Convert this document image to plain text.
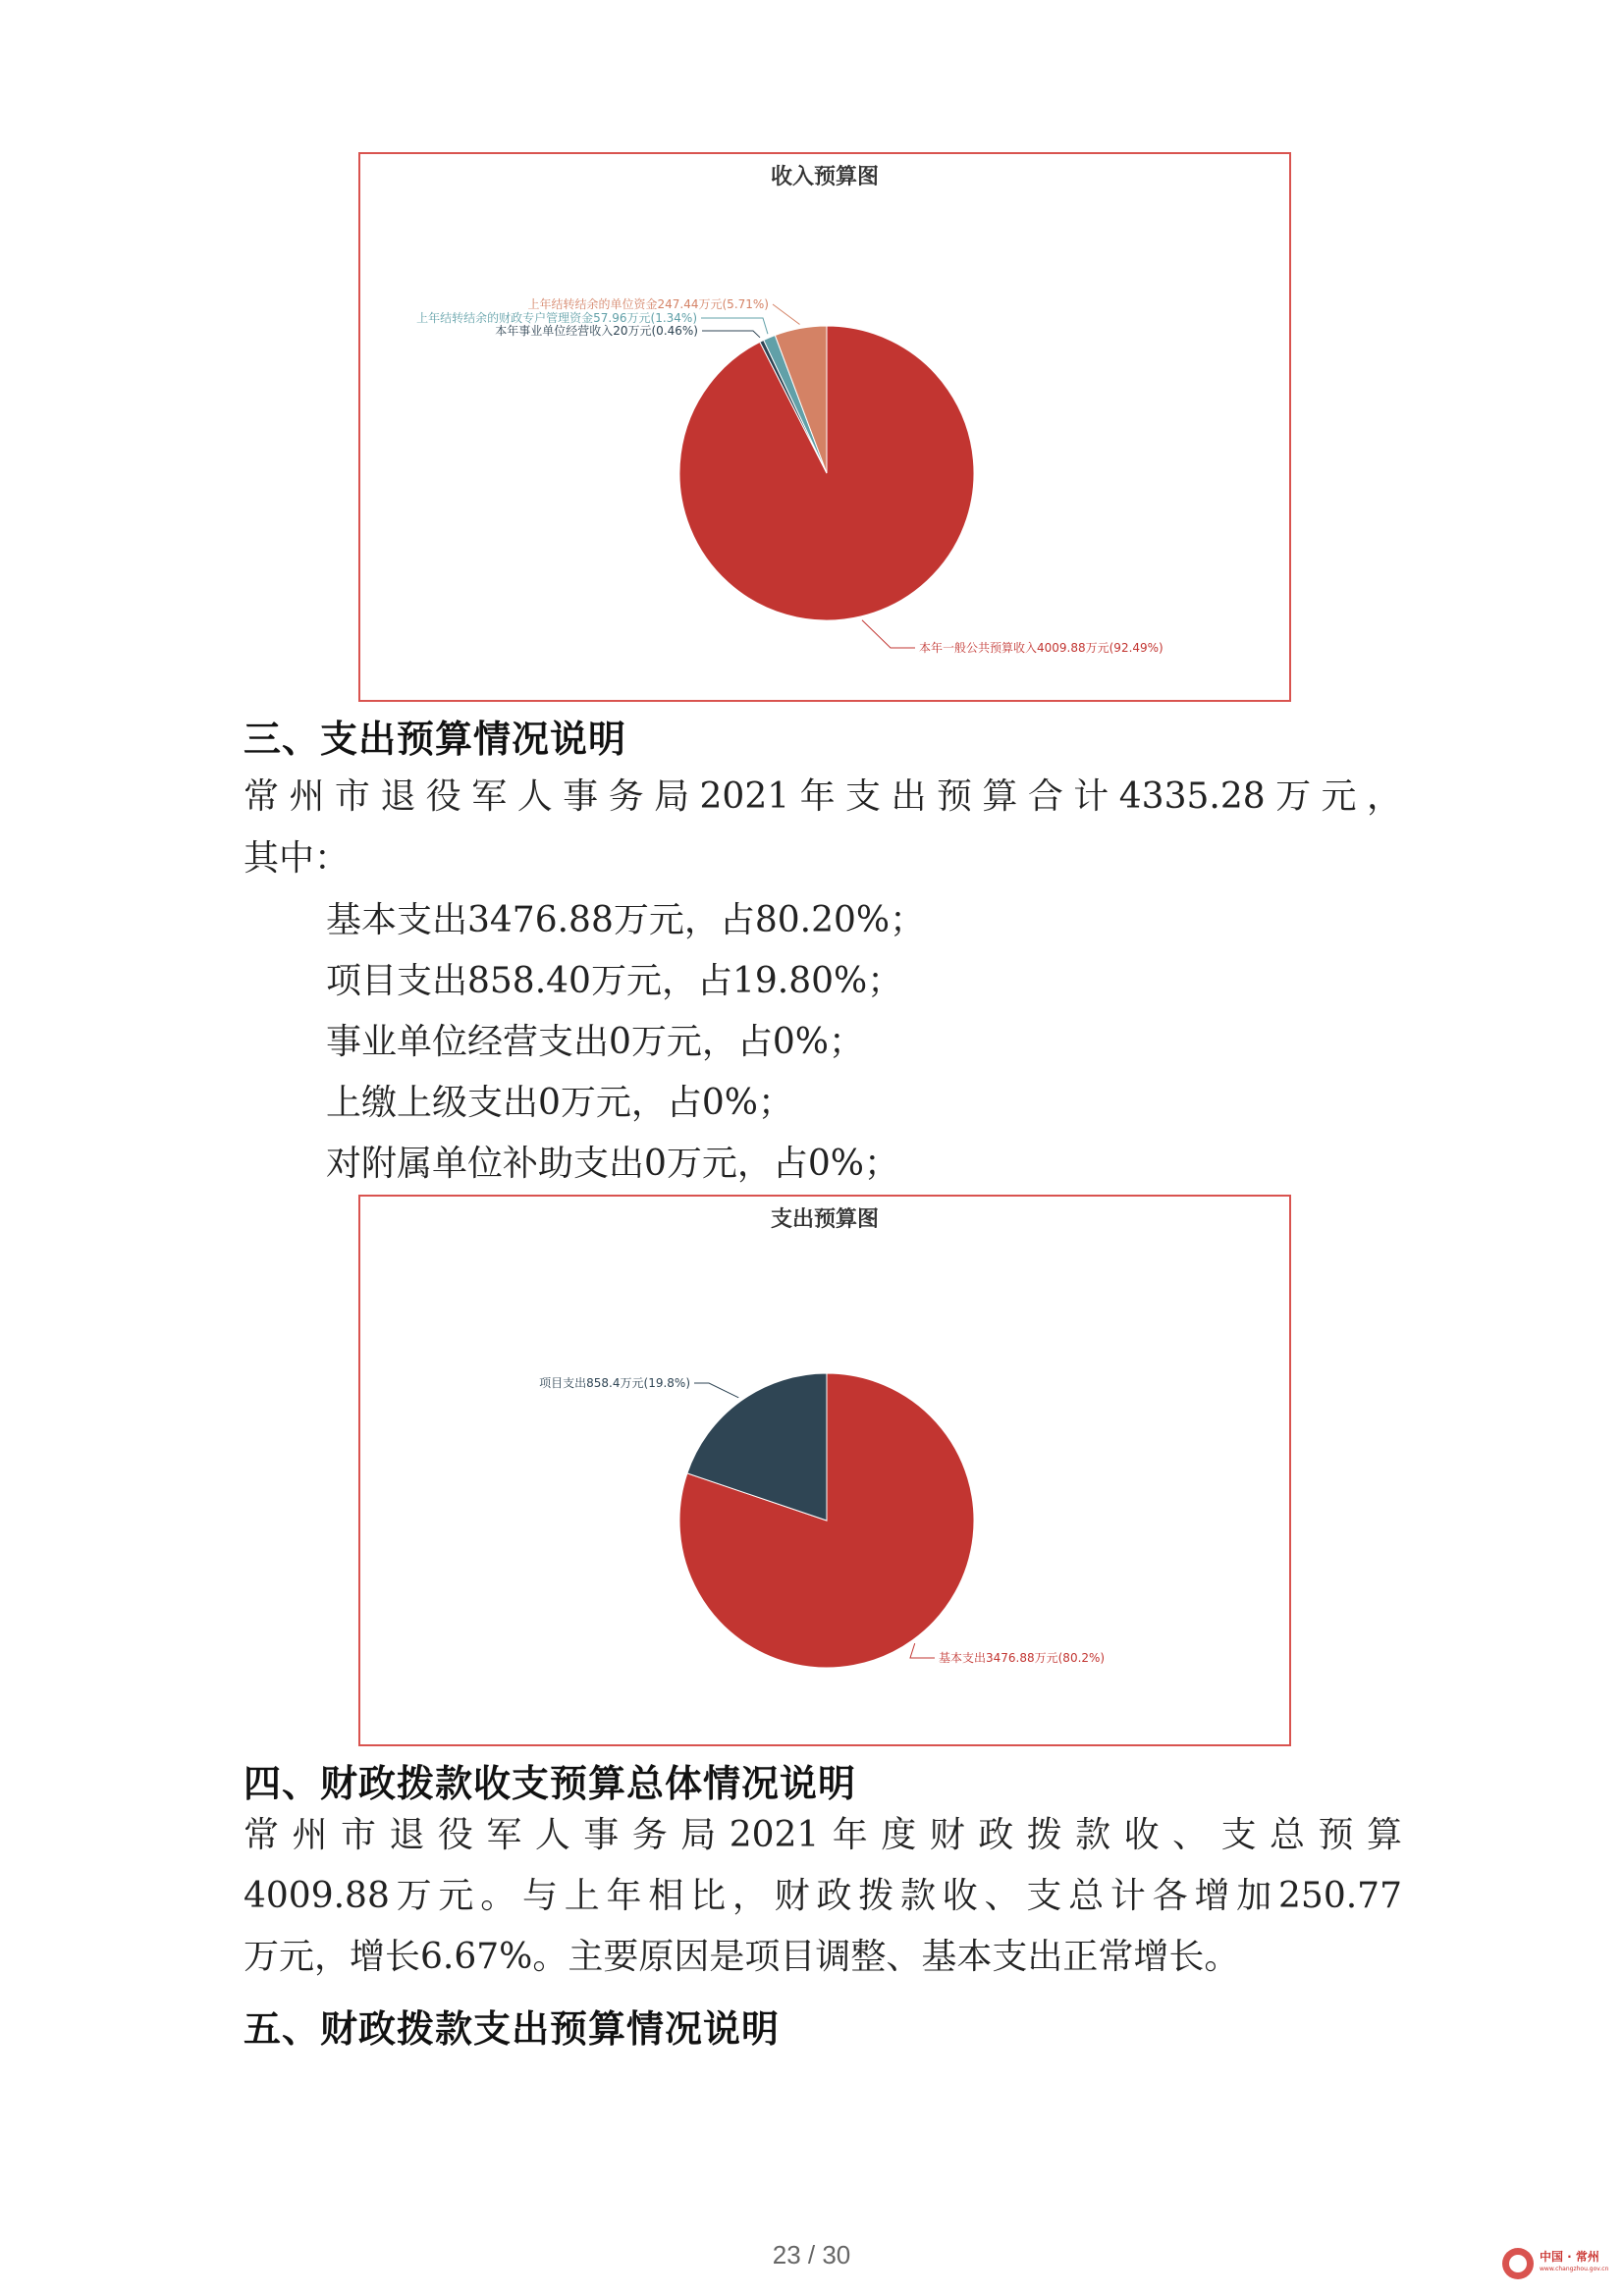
收入预算图
本年一般公共预算收入4009.88万元(92.49%)
本年事业单位经营收入20万元(0.46%)
上年结转结余的财政专户管理资金57.96万元(1.34%)
上年结转结余的单位资金247.44万元(5.71%)
三、支出预算情况说明

常州市退役军人事务局2021年支出预算合计4335.28万元，

其中：

基本支出3476.88万元，占80.20%；

项目支出858.40万元，占19.80%；

事业单位经营支出0万元，占0%；

上缴上级支出0万元，占0%；

对附属单位补助支出0万元，占0%；

支出预算图
基本支出3476.88万元(80.2%)
项目支出858.4万元(19.8%)
四、财政拨款收支预算总体情况说明

常州市退役军人事务局2021年度财政拨款收、支总预算

4009.88万元。与上年相比，财政拨款收、支总计各增加250.77

万元，增长6.67%。主要原因是项目调整、基本支出正常增长。

五、财政拨款支出预算情况说明
23 / 30	中国 · 常州
www.changzhou.gov.cn
